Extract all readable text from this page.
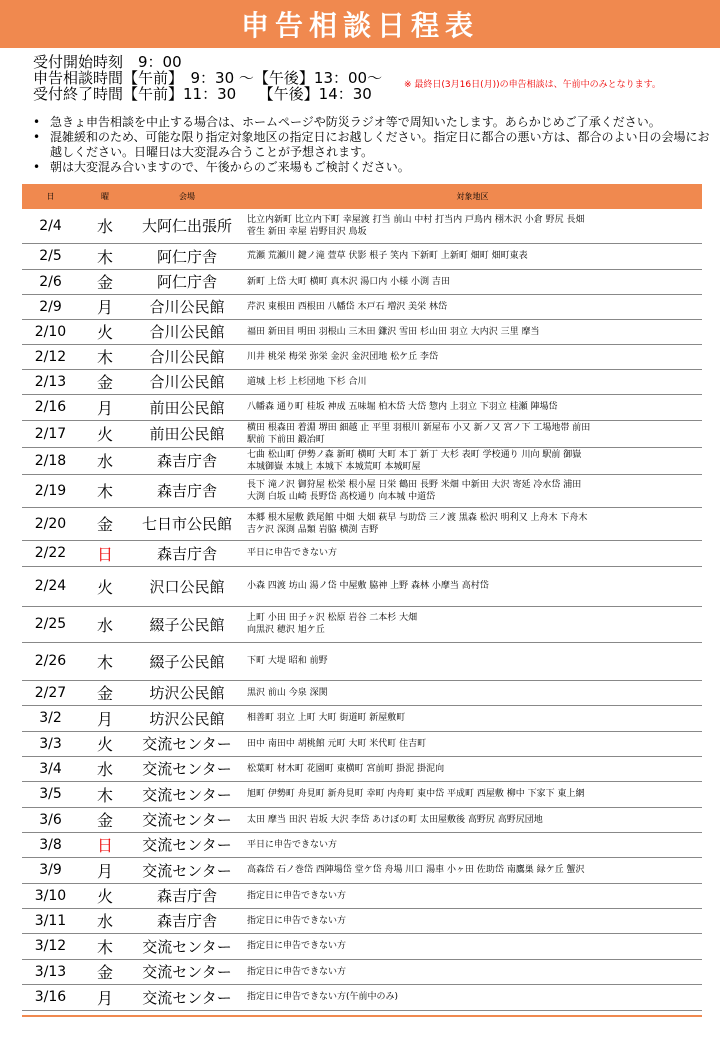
申告相談日程表
受付開始時刻　9：00
申告相談時間【午前】　9：30 〜【午後】13：00〜
受付終了時間【午前】11：30　　【午後】14：30	※ 最終日(3月16日(月))の申告相談は、午前中のみとなります。
• 急きょ申告相談を中止する場合は、ホームページや防災ラジオ等で周知いたします。あらかじめご了承ください。
• 混雑緩和のため、可能な限り指定対象地区の指定日にお越しください。指定日に都合の悪い方は、都合のよい日の会場にお越しください。日曜日は大変混み合うことが予想されます。
• 朝は大変混み合いますので、午後からのご来場もご検討ください。
日	曜	会場	対象地区
2/4	水	大阿仁出張所	比立内新町 比立内下町 幸屋渡 打当 前山 中村 打当内 戸鳥内 栩木沢 小倉 野尻 長畑
菅生 新田 幸屋 岩野目沢 鳥坂
2/5	木	阿仁庁舎	荒瀬 荒瀬川 鍵ノ滝 萱草 伏影 根子 笑内 下新町 上新町 畑町 畑町東表
2/6	金	阿仁庁舎	新町 上岱 大町 横町 真木沢 湯口内 小様 小渕 吉田
2/9	月	合川公民館	芹沢 東根田 西根田 八幡岱 木戸石 増沢 美栄 林岱
2/10	火	合川公民館	福田 新田目 明田 羽根山 三木田 鎌沢 雪田 杉山田 羽立 大内沢 三里 摩当
2/12	木	合川公民館	川井 桃栄 梅栄 弥栄 金沢 金沢団地 松ケ丘 李岱
2/13	金	合川公民館	道城 上杉 上杉団地 下杉 合川
2/16	月	前田公民館	八幡森 通り町 桂坂 神成 五味堀 柏木岱 大岱 惣内 上羽立 下羽立 桂瀬 陣場岱
2/17	火	前田公民館	横田 根森田 着淵 堺田 細越 止 平里 羽根川 新屋布 小又 新ノ又 宮ノ下 工場地帯 前田
駅前 下前田 鍛冶町
2/18	水	森吉庁舎	七曲 松山町 伊勢ノ森 新町 横町 大町 本丁 新丁 大杉 表町 学校通り 川向 駅前 御嶽
本城御嶽 本城上 本城下 本城荒町 本城町屋
2/19	木	森吉庁舎	長下 滝ノ沢 御狩屋 松栄 根小屋 日栄 鶴田 長野 米畑 中新田 大沢 寄延 冷水岱 浦田
大渕 白坂 山崎 長野岱 高校通り 向本城 中道岱
2/20	金	七日市公民館	本郷 根木屋敷 鉄尾館 中畑 大畑 萩早 与助岱 三ノ渡 黒森 松沢 明利又 上舟木 下舟木
吉ケ沢 深渕 品類 岩脇 横渕 吉野
2/22	日	森吉庁舎	平日に申告できない方
2/24	火	沢口公民館	小森 四渡 坊山 湯ノ岱 中屋敷 脇神 上野 森林 小摩当 高村岱
2/25	水	綴子公民館	上町 小田 田子ヶ沢 松原 岩谷 二本杉 大畑
向黒沢 穂沢 旭ケ丘
2/26	木	綴子公民館	下町 大堤 昭和 前野
2/27	金	坊沢公民館	黒沢 前山 今泉 深関
3/2	月	坊沢公民館	相善町 羽立 上町 大町 街道町 新屋敷町
3/3	火	交流センター	田中 南田中 胡桃館 元町 大町 米代町 住吉町
3/4	水	交流センター	松葉町 材木町 花園町 東横町 宮前町 掛泥 掛泥向
3/5	木	交流センター	旭町 伊勢町 舟見町 新舟見町 幸町 内舟町 東中岱 平成町 西屋敷 柳中 下家下 東上網
3/6	金	交流センター	太田 摩当 田沢 岩坂 大沢 李岱 あけぼの町 太田屋敷後 高野尻 高野尻団地
3/8	日	交流センター	平日に申告できない方
3/9	月	交流センター	高森岱 石ノ巻岱 西陣場岱 堂ケ岱 舟場 川口 湯車 小ヶ田 佐助岱 南鷹巣 緑ケ丘 蟹沢
3/10	火	森吉庁舎	指定日に申告できない方
3/11	水	森吉庁舎	指定日に申告できない方
3/12	木	交流センター	指定日に申告できない方
3/13	金	交流センター	指定日に申告できない方
3/16	月	交流センター	指定日に申告できない方(午前中のみ)
